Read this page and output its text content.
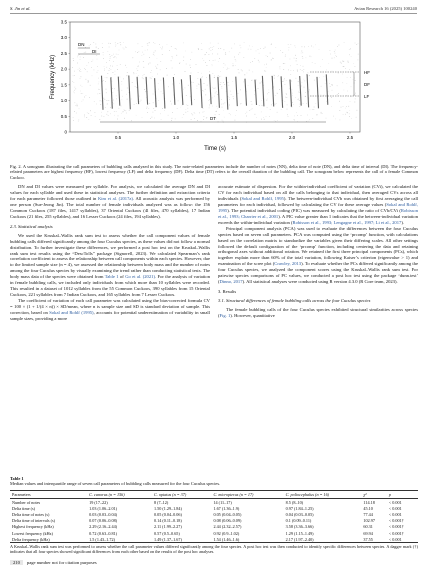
S. Jin et al.	Avian Research 16 (2025) 100240
3.5
3.0
2.5
2.0
1.5
1.0
0.5
0
0.5	1.0	1.5	2.0	2.5
Frequency (kHz)
Time (s)
DN
DI
DT
HF
DF
LF
Fig. 2. A sonogram illustrating the call parameters of bubbling calls analyzed in this study. The note-related parameters include the number of notes (NN), delta time of note (DN), and delta time of interval (DI). The frequency-related parameters are highest frequency (HF), lowest frequency (LF) and delta frequency (DF). Delta time (DT) refers to the overall duration of the bubbling call. The sonogram below represents the call of a female Common Cuckoo.

DN and DI values were measured per syllable. For analysis, we calculated the average DN and DI values for each syllable and used these in statistical analyses. The further definition and extraction criteria for each parameter followed those outlined in Kim et al. (2017a). All acoustic analysis was performed by one person (Sue-Jeong Jin). The total number of female individuals analyzed was as follow: the 156 Common Cuckoos (187 files, 1417 syllables), 37 Oriental Cuckoos (4l files, 470 syllables), 17 Indian Cuckoos (21 files, 255 syllables), and 16 Lesser Cuckoos (24 files, 194 syllables).

2.3. Statistical analysis

We used the Kruskal–Wallis rank sum test to assess whether the call component values of female bubbling calls differed significantly among the four Cuculus species, as these values did not follow a normal distribution. To further investigate these differences, we performed a post hoc test on the Kruskal–Wallis rank sum test results using the “DescTolls” package (Signorell, 2023). We calculated Spearman’s rank correlation coefficient to assess the relationship between call components within each species. However, due to the limited sample size (n = 4), we assessed the relationship between body mass and the number of notes among the four Cuculus species by visually examining the trend rather than conducting statistical tests. The body mass data of the species were obtained from Table 1 of Go et al. (2021). For the analysis of variation in female bubbling calls, we included only individuals from which more than 10 syllables were recorded. This resulted in a dataset of 1012 syllables from the 55 Common Cuckoos, 390 syllables from 15 Oriental Cuckoos, 221 syllables from 7 Indian Cuckoos, and 165 syllables from 7 Lesser Cuckoos.

The coefficient of variation of each call parameter was calculated using the bias-corrected formula CV = 100 × (1 + 1/(4 × n)) × SD/mean, where n is sample size and SD is standard deviation of sample. This correction, based on Sokal and Rohlf (1995), accounts for potential underestimation of variability in small sample sizes, providing a more

accurate estimate of dispersion. For the within-individual coefficient of variation (CVi), we calculated the CV for each individual based on all the calls belonging to that individual, then averaged CVs across all individuals (Sokal and Rohlf, 1995). The between-individual CVb was obtained by first averaging the call parameters for each individual, followed by calculating the CV for these average values (Sokal and Rohlf, 1995). The potential individual coding (PIC) was measured by calculating the ratio of CVb/CVi (Robisson et al., 1993; Charrier et al., 2001). A PIC value greater than 1 indicates that the between-individual variation exceeds the within-individual variation (Robisson et al., 1993; Lengagne et al., 1997; Li et al., 2017).

Principal component analysis (PCA) was used to evaluate the differences between the four Cuculus species based on seven call parameters. PCA was computed using the ‘prcomp’ function, with calculations based on the correlation matrix to standardize the variables given their differing scales. All other settings followed the default configuration of the ‘prcomp’ function, including centering the data and retaining orthogonal axes without additional rotation. We retained the first three principal components (PCs), which together explain more than 60% of the total variation, following Kaiser’s criterion (eigenvalue > 1) and examination of the scree plot (Crawley, 2013). To evaluate whether the PCs differed significantly among the four Cuculus species, we analyzed the component scores using the Kruskal–Wallis rank sum test. For pairwise species comparisons of PC values, we conducted a post hoc test using the package ‘dunn.test’ (Dinno, 2017). All statistical analyses were conducted using R version 4.3.0 (R Core team, 2023).

3. Results
3.1. Structural differences of female bubbling calls across the four Cuculus species

The female bubbling calls of the four Cuculus species exhibited structural similarities across species (Fig. 1). However, quantitative

Table 1
Median values and interquartile range of seven call parameters of bubbling calls measured for the four Cuculus species.
Parameters	C. canorus (n = 156)	C. optatus (n = 37)	C. micropterus (n = 17)	C. poliocephalus (n = 16)	χ²	p
Number of notes	19 (17–22)	8 (7–12)	14 (11–17)	8.5 (8–10)	114.18	< 0.001
Delta time (s)	1.03 (1.06–2.01)	1.50 (1.29–1.84)	1.67 (1.36–1.9)	0.97 (1.84–1.25)	45.10	< 0.001
Delta time of notes (s)	0.03 (0.03–0.04)	0.05 (0.04–0.06)	0.05 (0.04–0.05)	0.04 (0.03–0.05)	77.44	< 0.001
Delta time of intervals (s)	0.07 (0.06–0.08)	0.14 (0.11–0.18)	0.08 (0.06–0.09)	0.1 (0.09–0.11)	102.97	< 0.001†
Highest frequency (kHz)	2.29 (2.16–2.44)	2.11 (1.99–2.27)	2.44 (2.32–2.57)	3.58 (3.36–3.66)	60.31	< 0.001†
Lowest frequency (kHz)	0.72 (0.63–0.81)	0.57 (0.5–0.65)	0.92 (0.9–1.02)	1.29 (1.15–1.49)	69.94	< 0.001†
Delta frequency (kHz)	1.5 (1.43–1.72)	1.49 (1.37–1.67)	1.54 (1.46–1.6)	2.17 (1.97–2.40)	37.55	< 0.001
A Kruskal–Wallis rank sum test was performed to assess whether the call parameter values differed significantly among the four species. A post hoc test was then conducted to identify specific differences between species. A dagger mark (†) indicates that all four species showed significant differences from each other based on the results of the post hoc analyses.
210	page number not for citation purposes
